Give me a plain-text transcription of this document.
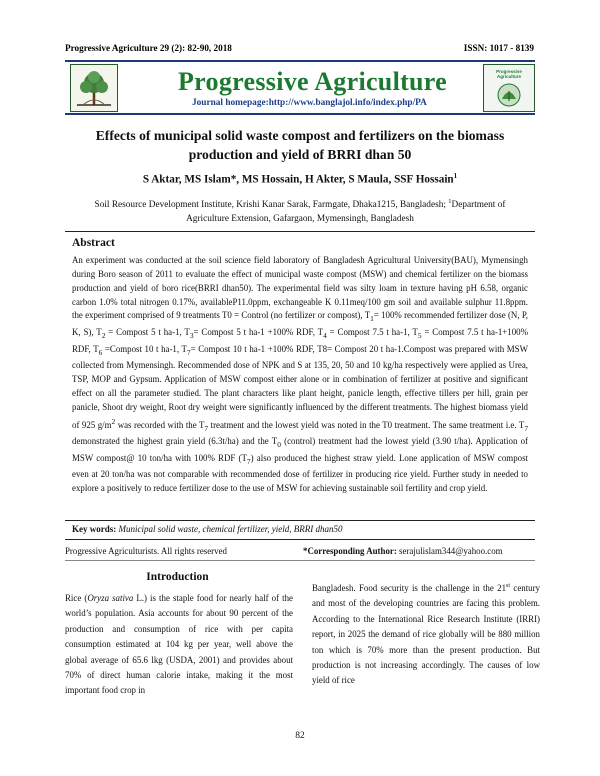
Progressive Agriculture 29 (2): 82-90, 2018	ISSN: 1017 - 8139
Progressive Agriculture
Journal homepage:http://www.banglajol.info/index.php/PA
Progressive Agriculture
Effects of municipal solid waste compost and fertilizers on the biomass
production and yield of BRRI dhan 50
S Aktar, MS Islam*, MS Hossain, H Akter, S Maula, SSF Hossain$^1$
Soil Resource Development Institute, Krishi Kanar Sarak, Farmgate, Dhaka1215, Bangladesh; $^1$Department of
Agriculture Extension, Gafargaon, Mymensingh, Bangladesh
Abstract

An experiment was conducted at the soil science field laboratory of Bangladesh Agricultural University(BAU), Mymensingh during Boro season of 2011 to evaluate the effect of municipal waste compost (MSW) and chemical fertilizer on the biomass production and yield of boro rice(BRRI dhan50). The experimental field was silty loam in texture having pH 6.58, organic carbon 1.0% total nitrogen 0.17%, availableP11.0ppm, exchangeable K 0.11meq/100 gm soil and available sulphur 11.8ppm. the experiment comprised of 9 treatments T0 = Control (no fertilizer or compost), $T_1= 100\%$ recommended fertilizer dose (N, P, K, S), $T_2$ = Compost 5 t ha-1, $T_3=$ Compost 5 t ha-1 +100% RDF, $T_4$ = Compost 7.5 t ha-1, $T_5$ = Compost 7.5 t ha-1+100% RDF, $T_6$ =Compost 10 t ha-1, $T_7=$ Compost 10 t ha-1 +100% RDF, T8= Compost 20 t ha-1.Compost was prepared with MSW collected from Mymensingh. Recommended dose of NPK and S at 135, 20, 50 and 10 kg/ha respectively were applied as Urea, TSP, MOP and Gypsum. Application of MSW compost either alone or in combination of fertilizer at positive and significant effect on all the parameter studied. The plant characters like plant height, panicle length, effective tillers per hill, grain per panicle, Shoot dry weight, Root dry weight were significantly influenced by the different treatments. The highest biomass yield of 925 $g/m^2$ was recorded with the $T_7$ treatment and the lowest yield was noted in the T0 treatment. The same treatment i.e. $T_7$ demonstrated the highest grain yield (6.3t/ha) and the $T_0$ (control) treatment had the lowest yield (3.90 t/ha). Application of MSW compost@ 10 ton/ha with 100% RDF $(T_7)$ also produced the highest straw yield. Lone application of MSW compost even at 20 ton/ha was not comparable with recommended dose of fertilizer in producing rice yield. Further study in needed to explore a positively to reduce fertilizer dose to the use of MSW for achieving sustainable soil fertility and crop yield.

Key words: Municipal solid waste, chemical fertilizer, yield, BRRI dhan50
Progressive Agriculturists. All rights reserved	*Corresponding Author: serajulislam344@yahoo.com
Introduction

Rice (Oryza sativa L.) is the staple food for nearly half of the world’s population. Asia accounts for about 90 percent of the production and consumption of rice with per capita consumption estimated at 104 kg per year, well above the global average of 65.6 lkg (USDA, 2001) and provides about 70% of direct human calorie intake, making it the most important food crop in

Bangladesh. Food security is the challenge in the 21st century and most of the developing countries are facing this problem. According to the International Rice Research Institute (IRRI) report, in 2025 the demand of rice globally will be 880 million ton which is 70% more than the present production. But production is not increasing accordingly. The causes of low yield of rice

82
